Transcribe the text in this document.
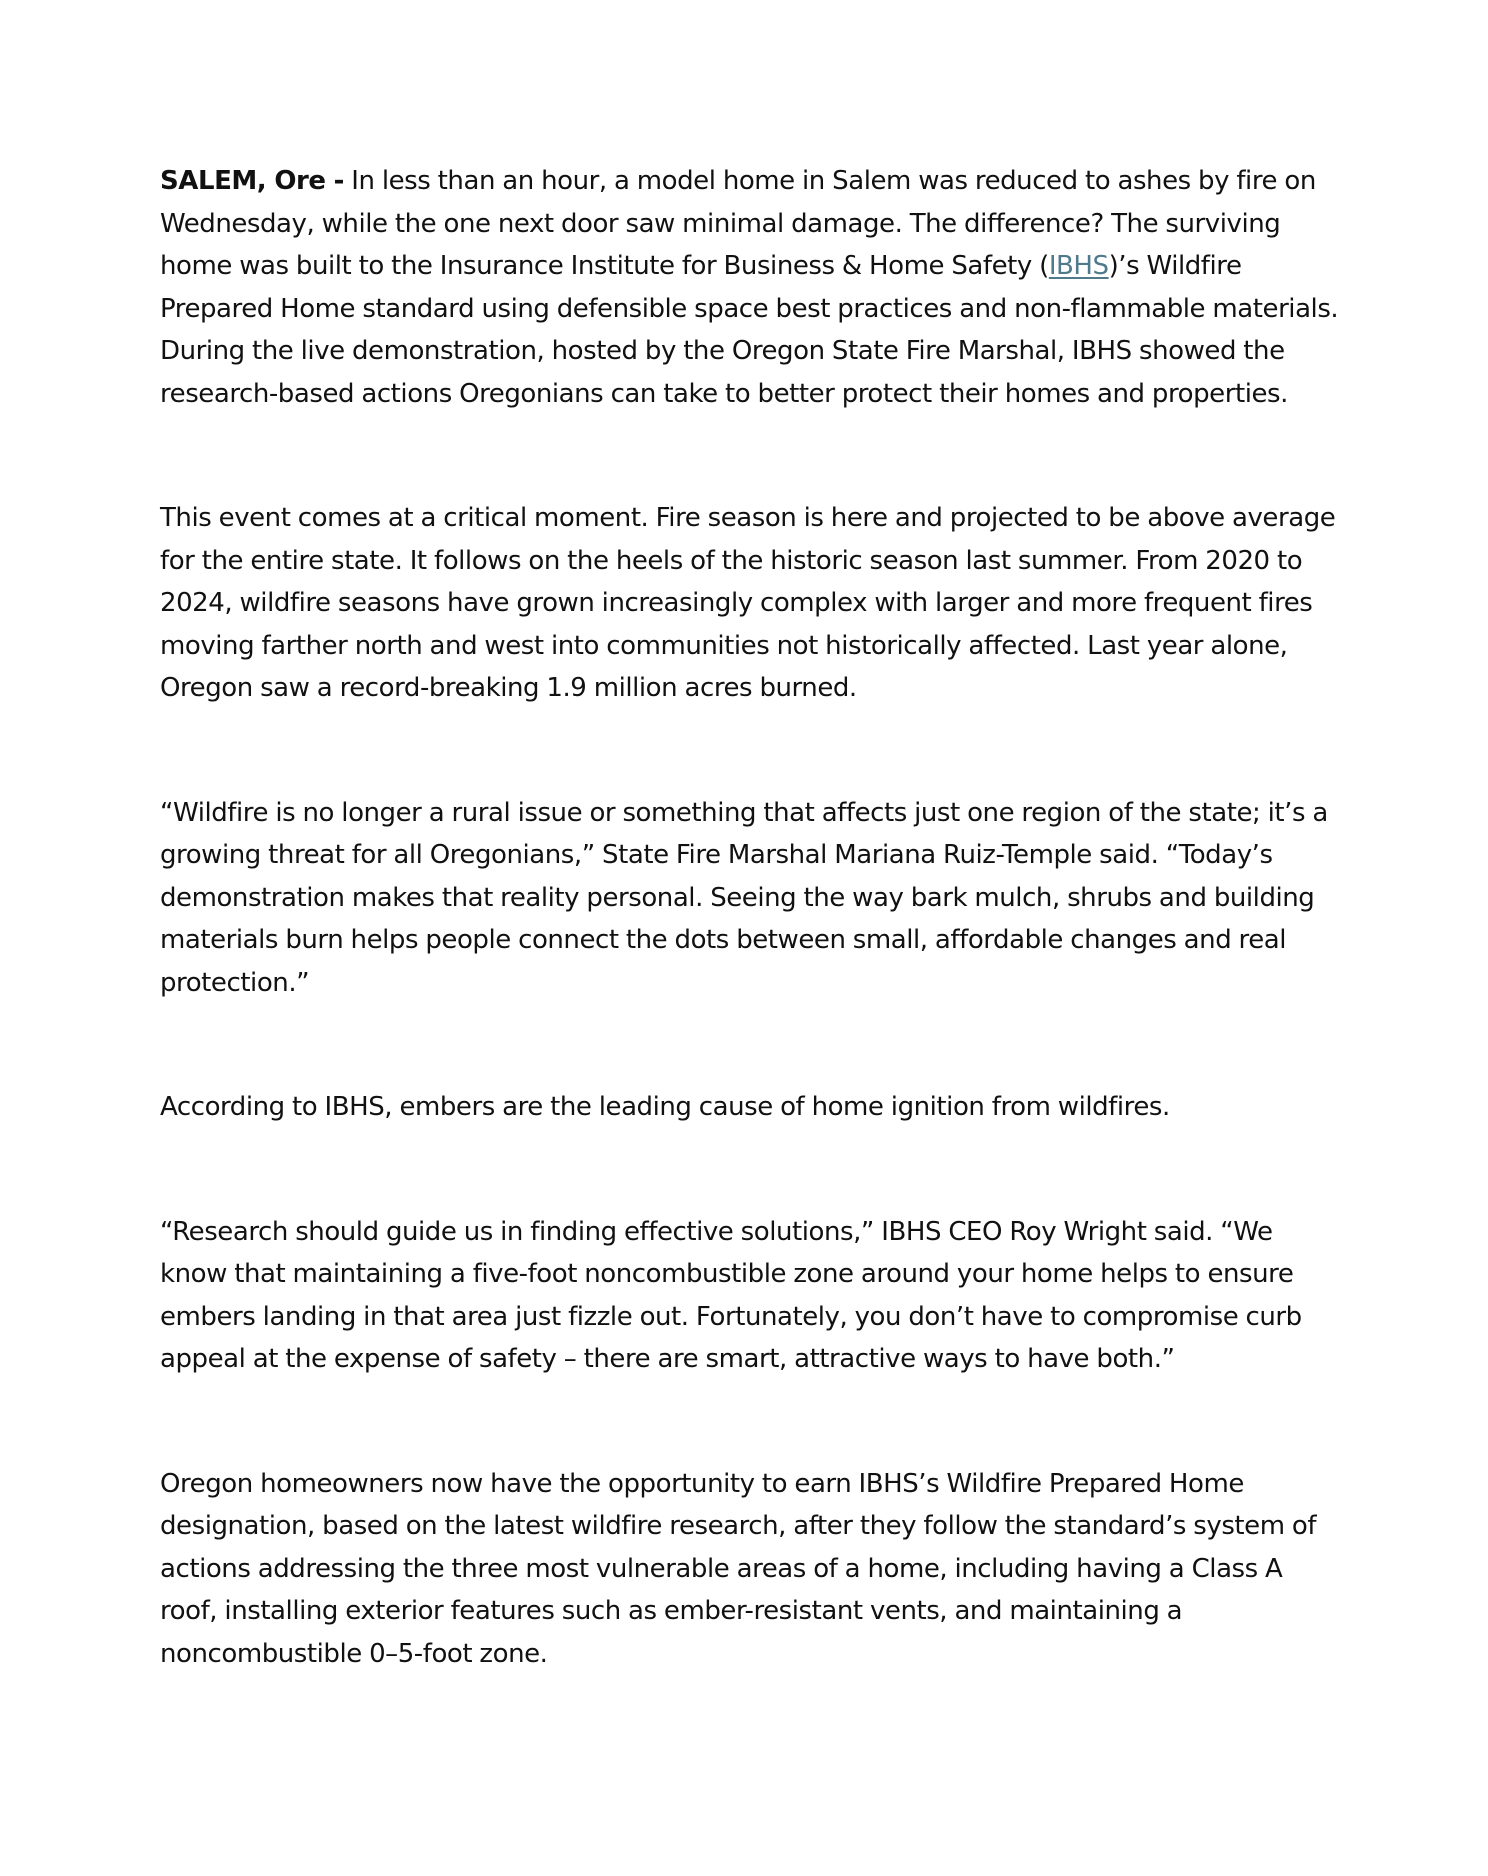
SALEM, Ore - In less than an hour, a model home in Salem was reduced to ashes by fire on Wednesday, while the one next door saw minimal damage. The difference? The surviving home was built to the Insurance Institute for Business & Home Safety (IBHS)’s Wildfire Prepared Home standard using defensible space best practices and non-flammable materials. During the live demonstration, hosted by the Oregon State Fire Marshal, IBHS showed the research-based actions Oregonians can take to better protect their homes and properties.

This event comes at a critical moment. Fire season is here and projected to be above average for the entire state. It follows on the heels of the historic season last summer. From 2020 to 2024, wildfire seasons have grown increasingly complex with larger and more frequent fires moving farther north and west into communities not historically affected. Last year alone, Oregon saw a record-breaking 1.9 million acres burned.

“Wildfire is no longer a rural issue or something that affects just one region of the state; it’s a growing threat for all Oregonians,” State Fire Marshal Mariana Ruiz-Temple said. “Today’s demonstration makes that reality personal. Seeing the way bark mulch, shrubs and building materials burn helps people connect the dots between small, affordable changes and real protection.”

According to IBHS, embers are the leading cause of home ignition from wildfires.

“Research should guide us in finding effective solutions,” IBHS CEO Roy Wright said. “We know that maintaining a five-foot noncombustible zone around your home helps to ensure embers landing in that area just fizzle out. Fortunately, you don’t have to compromise curb appeal at the expense of safety – there are smart, attractive ways to have both.”

Oregon homeowners now have the opportunity to earn IBHS’s Wildfire Prepared Home designation, based on the latest wildfire research, after they follow the standard’s system of actions addressing the three most vulnerable areas of a home, including having a Class A roof, installing exterior features such as ember-resistant vents, and maintaining a noncombustible 0–5-foot zone.
